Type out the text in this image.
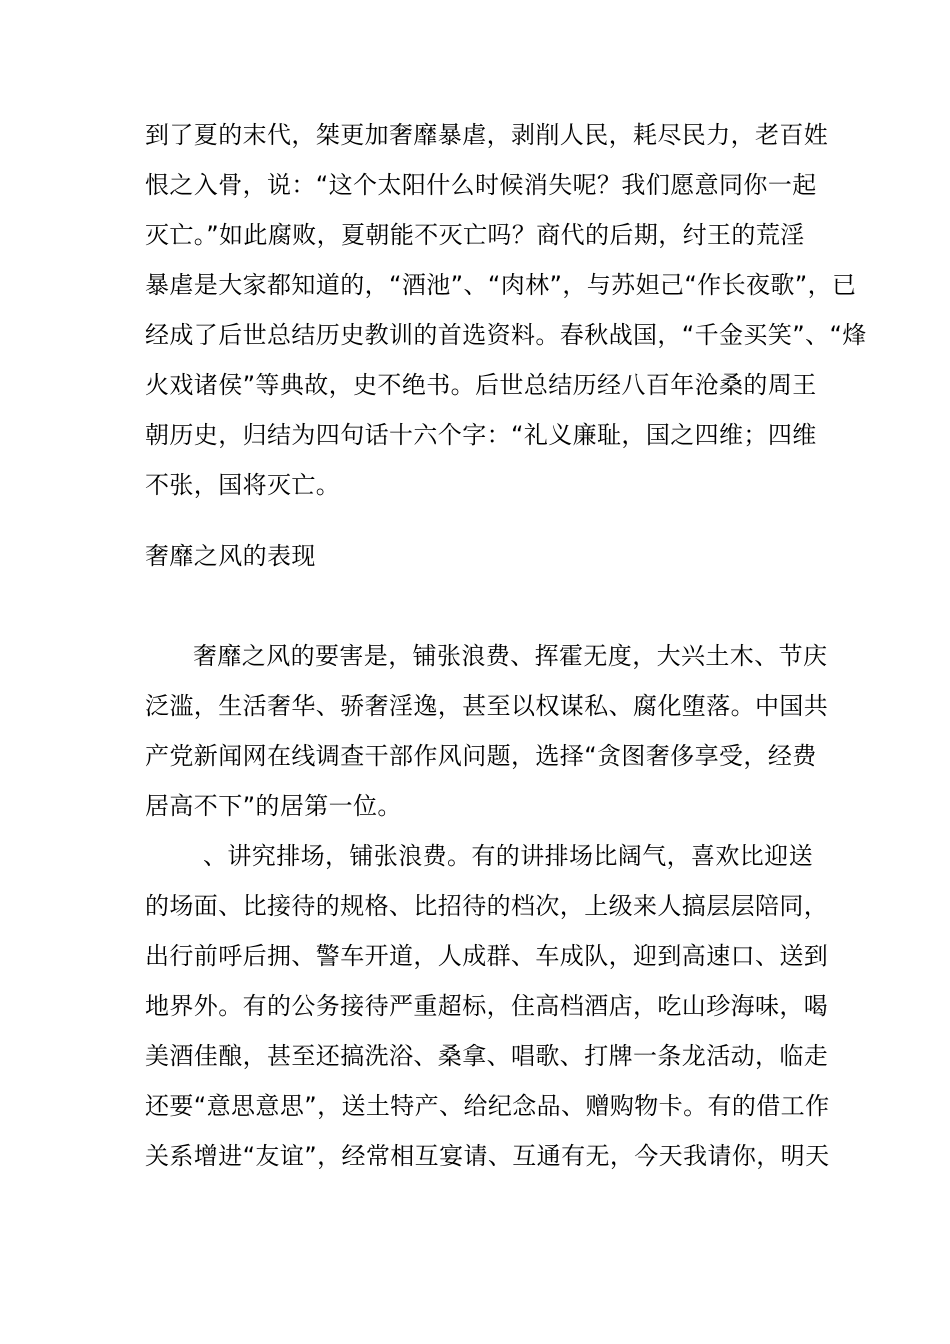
到了夏的末代，桀更加奢靡暴虐，剥削人民，耗尽民力，老百姓
恨之入骨，说：“这个太阳什么时候消失呢？我们愿意同你一起
灭亡。”如此腐败，夏朝能不灭亡吗？商代的后期，纣王的荒淫
暴虐是大家都知道的，“酒池”、“肉林”，与苏妲己“作长夜歌”，已
经成了后世总结历史教训的首选资料。春秋战国，“千金买笑”、“烽
火戏诸侯”等典故，史不绝书。后世总结历经八百年沧桑的周王
朝历史，归结为四句话十六个字：“礼义廉耻，国之四维；四维
不张，国将灭亡。
奢靡之风的表现
奢靡之风的要害是，铺张浪费、挥霍无度，大兴土木、节庆
泛滥，生活奢华、骄奢淫逸，甚至以权谋私、腐化堕落。中国共
产党新闻网在线调查干部作风问题，选择“贪图奢侈享受，经费
居高不下”的居第一位。
、讲究排场，铺张浪费。有的讲排场比阔气，喜欢比迎送
的场面、比接待的规格、比招待的档次，上级来人搞层层陪同，
出行前呼后拥、警车开道，人成群、车成队，迎到高速口、送到
地界外。有的公务接待严重超标，住高档酒店，吃山珍海味，喝
美酒佳酿，甚至还搞洗浴、桑拿、唱歌、打牌一条龙活动，临走
还要“意思意思”，送土特产、给纪念品、赠购物卡。有的借工作
关系增进“友谊”，经常相互宴请、互通有无，今天我请你，明天
